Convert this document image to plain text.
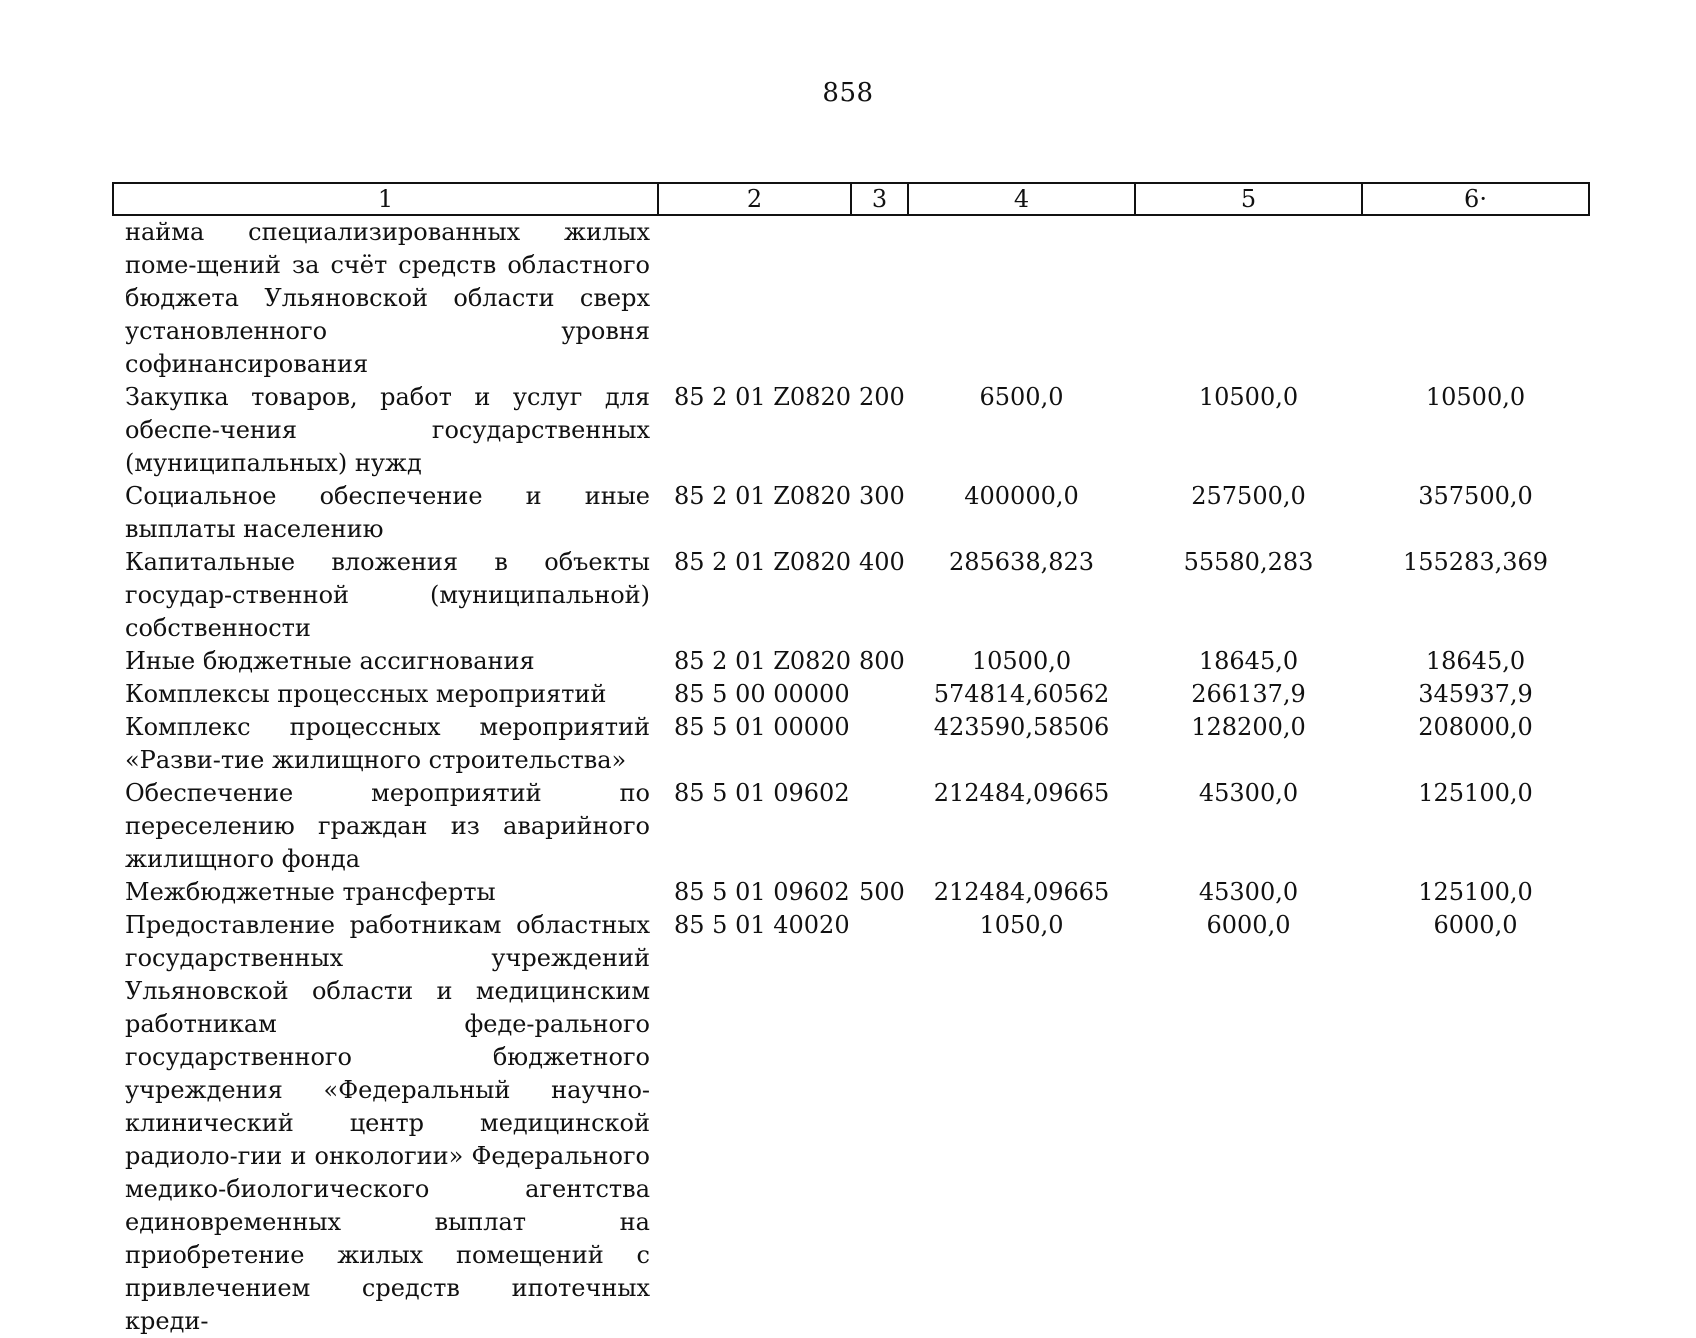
858
1	2	3	4	5	6·
найма специализированных жилых поме-щений за счёт средств областного бюджета Ульяновской области сверх установленного уровня софинансирования					
Закупка товаров, работ и услуг для обеспе-чения государственных (муниципальных) нужд	85 2 01 Z0820	200	6500,0	10500,0	10500,0
Социальное обеспечение и иные выплаты населению	85 2 01 Z0820	300	400000,0	257500,0	357500,0
Капитальные вложения в объекты государ-ственной (муниципальной) собственности	85 2 01 Z0820	400	285638,823	55580,283	155283,369
Иные бюджетные ассигнования	85 2 01 Z0820	800	10500,0	18645,0	18645,0
Комплексы процессных мероприятий	85 5 00 00000		574814,60562	266137,9	345937,9
Комплекс процессных мероприятий «Разви-тие жилищного строительства»	85 5 01 00000		423590,58506	128200,0	208000,0
Обеспечение мероприятий по переселению граждан из аварийного жилищного фонда	85 5 01 09602		212484,09665	45300,0	125100,0
Межбюджетные трансферты	85 5 01 09602	500	212484,09665	45300,0	125100,0
Предоставление работникам областных государственных учреждений Ульяновской области и медицинским работникам феде-рального государственного бюджетного учреждения «Федеральный научно-клинический центр медицинской радиоло-гии и онкологии» Федерального медико-биологического агентства единовременных выплат на приобретение жилых помещений с привлечением средств ипотечных креди-	85 5 01 40020		1050,0	6000,0	6000,0
